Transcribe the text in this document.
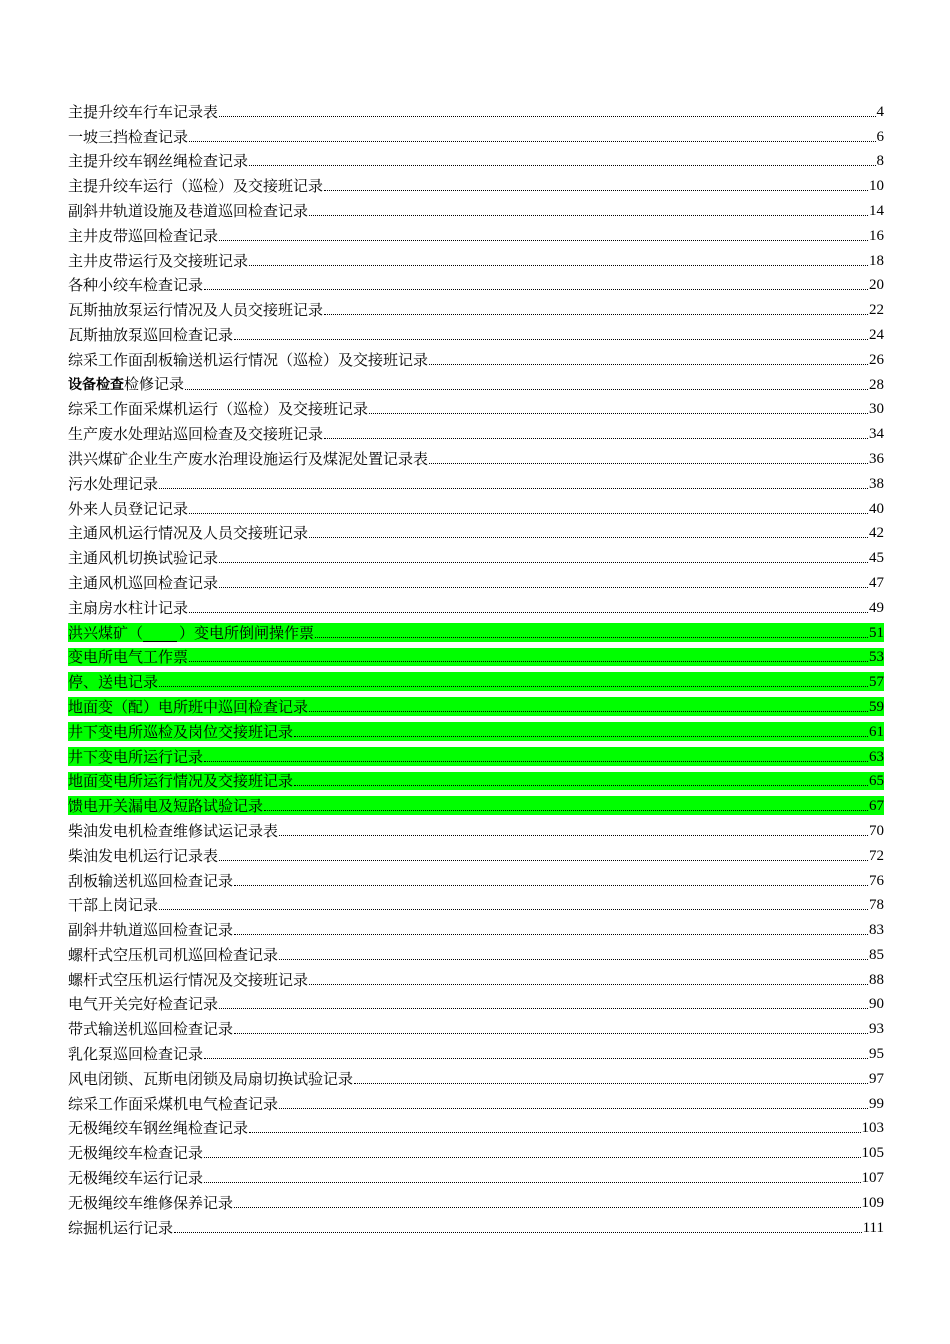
主提升绞车行车记录表	4
一坡三挡检查记录	6
主提升绞车钢丝绳检查记录	8
主提升绞车运行（巡检）及交接班记录	10
副斜井轨道设施及巷道巡回检查记录	14
主井皮带巡回检查记录	16
主井皮带运行及交接班记录	18
各种小绞车检查记录	20
瓦斯抽放泵运行情况及人员交接班记录	22
瓦斯抽放泵巡回检查记录	24
综采工作面刮板输送机运行情况（巡检）及交接班记录	26
设备检查检修记录	28
综采工作面采煤机运行（巡检）及交接班记录	30
生产废水处理站巡回检查及交接班记录	34
洪兴煤矿企业生产废水治理设施运行及煤泥处置记录表	36
污水处理记录	38
外来人员登记记录	40
主通风机运行情况及人员交接班记录	42
主通风机切换试验记录	45
主通风机巡回检查记录	47
主扇房水柱计记录	49
洪兴煤矿（ ）变电所倒闸操作票	51
变电所电气工作票	53
停、送电记录	57
地面变（配）电所班中巡回检查记录	59
井下变电所巡检及岗位交接班记录	61
井下变电所运行记录	63
地面变电所运行情况及交接班记录	65
馈电开关漏电及短路试验记录	67
柴油发电机检查维修试运记录表	70
柴油发电机运行记录表	72
刮板输送机巡回检查记录	76
干部上岗记录	78
副斜井轨道巡回检查记录	83
螺杆式空压机司机巡回检查记录	85
螺杆式空压机运行情况及交接班记录	88
电气开关完好检查记录	90
带式输送机巡回检查记录	93
乳化泵巡回检查记录	95
风电闭锁、瓦斯电闭锁及局扇切换试验记录	97
综采工作面采煤机电气检查记录	99
无极绳绞车钢丝绳检查记录	103
无极绳绞车检查记录	105
无极绳绞车运行记录	107
无极绳绞车维修保养记录	109
综掘机运行记录	111
